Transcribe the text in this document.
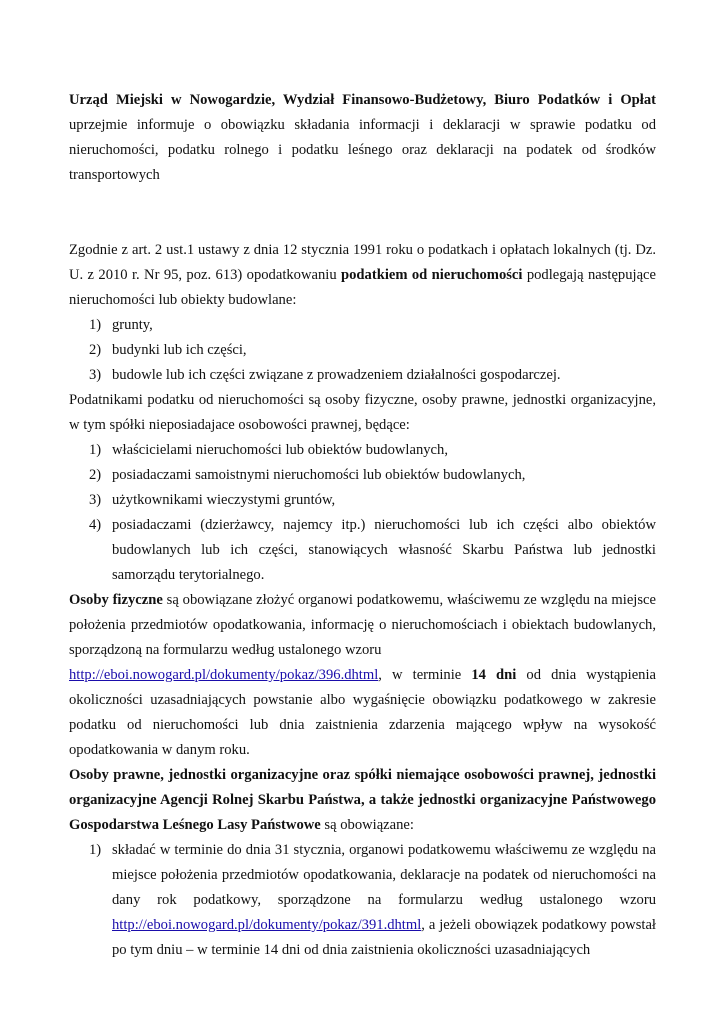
Urząd Miejski w Nowogardzie, Wydział Finansowo-Budżetowy, Biuro Podatków i Opłat uprzejmie informuje o obowiązku składania informacji i deklaracji w sprawie podatku od nieruchomości, podatku rolnego i podatku leśnego oraz deklaracji na podatek od środków transportowych

Zgodnie z art. 2 ust.1 ustawy z dnia 12 stycznia 1991 roku o podatkach i opłatach lokalnych (tj. Dz. U. z 2010 r. Nr 95, poz. 613) opodatkowaniu podatkiem od nieruchomości podlegają następujące nieruchomości lub obiekty budowlane:

1) grunty,
2) budynki lub ich części,
3) budowle lub ich części związane z prowadzeniem działalności gospodarczej.

Podatnikami podatku od nieruchomości są osoby fizyczne, osoby prawne, jednostki organizacyjne, w tym spółki nieposiadajace osobowości prawnej, będące:

1) właścicielami nieruchomości lub obiektów budowlanych,
2) posiadaczami samoistnymi nieruchomości lub obiektów budowlanych,
3) użytkownikami wieczystymi gruntów,
4) posiadaczami (dzierżawcy, najemcy itp.) nieruchomości lub ich części albo obiektów budowlanych lub ich części, stanowiących własność Skarbu Państwa lub jednostki samorządu terytorialnego.

Osoby fizyczne są obowiązane złożyć organowi podatkowemu, właściwemu ze względu na miejsce położenia przedmiotów opodatkowania, informację o nieruchomościach i obiektach budowlanych, sporządzoną na formularzu według ustalonego wzoru
http://eboi.nowogard.pl/dokumenty/pokaz/396.dhtml, w terminie 14 dni od dnia wystąpienia okoliczności uzasadniających powstanie albo wygaśnięcie obowiązku podatkowego w zakresie podatku od nieruchomości lub dnia zaistnienia zdarzenia mającego wpływ na wysokość opodatkowania w danym roku.

Osoby prawne, jednostki organizacyjne oraz spółki niemające osobowości prawnej, jednostki organizacyjne Agencji Rolnej Skarbu Państwa, a także jednostki organizacyjne Państwowego Gospodarstwa Leśnego Lasy Państwowe są obowiązane:

1) składać w terminie do dnia 31 stycznia, organowi podatkowemu właściwemu ze względu na miejsce położenia przedmiotów opodatkowania, deklaracje na podatek od nieruchomości na dany rok podatkowy, sporządzone na formularzu według ustalonego wzoru http://eboi.nowogard.pl/dokumenty/pokaz/391.dhtml, a jeżeli obowiązek podatkowy powstał po tym dniu – w terminie 14 dni od dnia zaistnienia okoliczności uzasadniających
